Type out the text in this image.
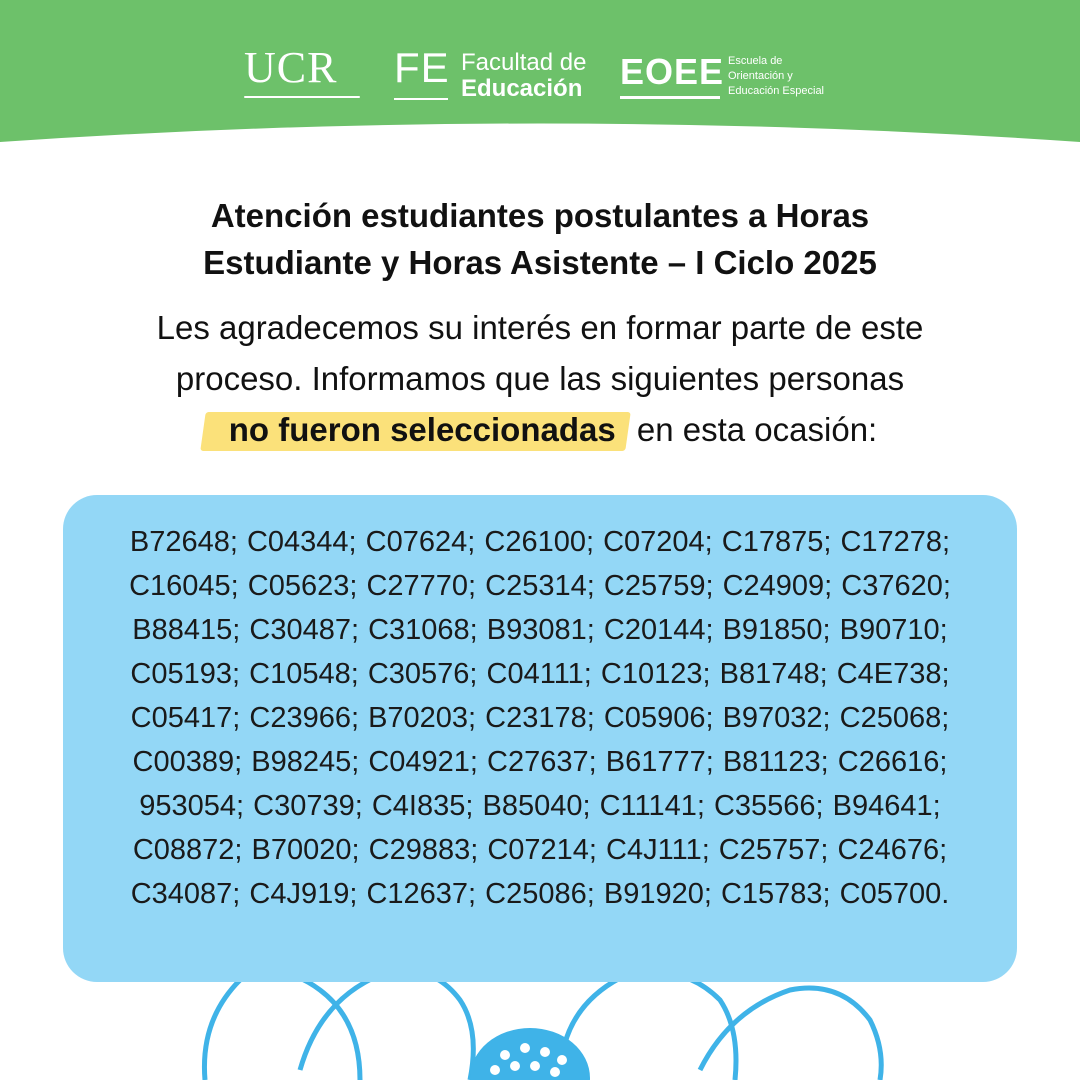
UCR	FE Facultad de
Educación EOEE Escuela de
Orientación y
Educación Especial
Atención estudiantes postulantes a Horas
Estudiante y Horas Asistente – I Ciclo 2025
Les agradecemos su interés en formar parte de este
proceso. Informamos que las siguientes personas
no fueron seleccionadas en esta ocasión:
B72648; C04344; C07624; C26100; C07204; C17875; C17278; C16045; C05623; C27770; C25314; C25759; C24909; C37620; B88415; C30487; C31068; B93081; C20144; B91850; B90710; C05193; C10548; C30576; C04111; C10123; B81748; C4E738; C05417; C23966; B70203; C23178; C05906; B97032; C25068; C00389; B98245; C04921; C27637; B61777; B81123; C26616; 953054; C30739; C4I835; B85040; C11141; C35566; B94641; C08872; B70020; C29883; C07214; C4J111; C25757; C24676; C34087; C4J919; C12637; C25086; B91920; C15783; C05700.
